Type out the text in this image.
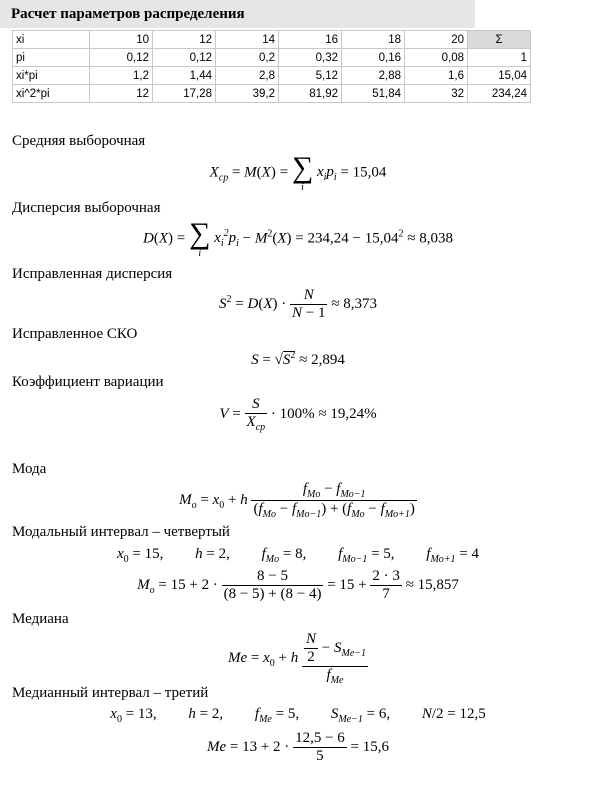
Расчет параметров распределения
xi	10	12	14	16	18	20	Σ
pi	0,12	0,12	0,2	0,32	0,16	0,08	1
xi*pi	1,2	1,44	2,8	5,12	2,88	1,6	15,04
xi^2*pi	12	17,28	39,2	81,92	51,84	32	234,24
Средняя выборочная
$X_{cp} = M(X)$ = ∑
i
$x_ip_i = 15,04$
Дисперсия выборочная
D(X) = ∑
i
$x_i^2p_i - M^2(X) = 234,24 - 15,04^2 \approx 8,038$
Исправленная дисперсия
$S^2 = D(X) \cdot \frac{N}{N - 1} \approx 8,373$
Исправленное СКО
$S = √S^2 \approx 2,894$
Коэффициент вариации
$V = \frac{S}{X_{cp}} \cdot 100\% \approx 19,24\%$
Мода
$M_o = x_0 + h \frac{f_{Mo} - f_{Mo-1}}{(f_{Mo} - f_{Mo-1}) + (f_{Mo} - f_{Mo+1})}$
Модальный интервал – четвертый
$x_0 = 15$, h = 2, $f_{Mo} = 8$, $f_{Mo-1} = 5$, $f_{Mo+1} = 4$
$M_o = 15 + 2 \cdot \frac{8 - 5}{(8 - 5) + (8 - 4)} = 15 + \frac{2 \cdot 3}{7} \approx 15,857$
Медиана
$Me = x_0 + h \frac{\frac{N}{2} - S_{Me-1}}{f_{Me}}$
Медианный интервал – третий
$x_0 = 13$, h = 2, $f_{Me} = 5$, $S_{Me-1} = 6$, N/2 = 12,5
$Me = 13 + 2 \cdot \frac{12,5 - 6}{5} = 15,6$
